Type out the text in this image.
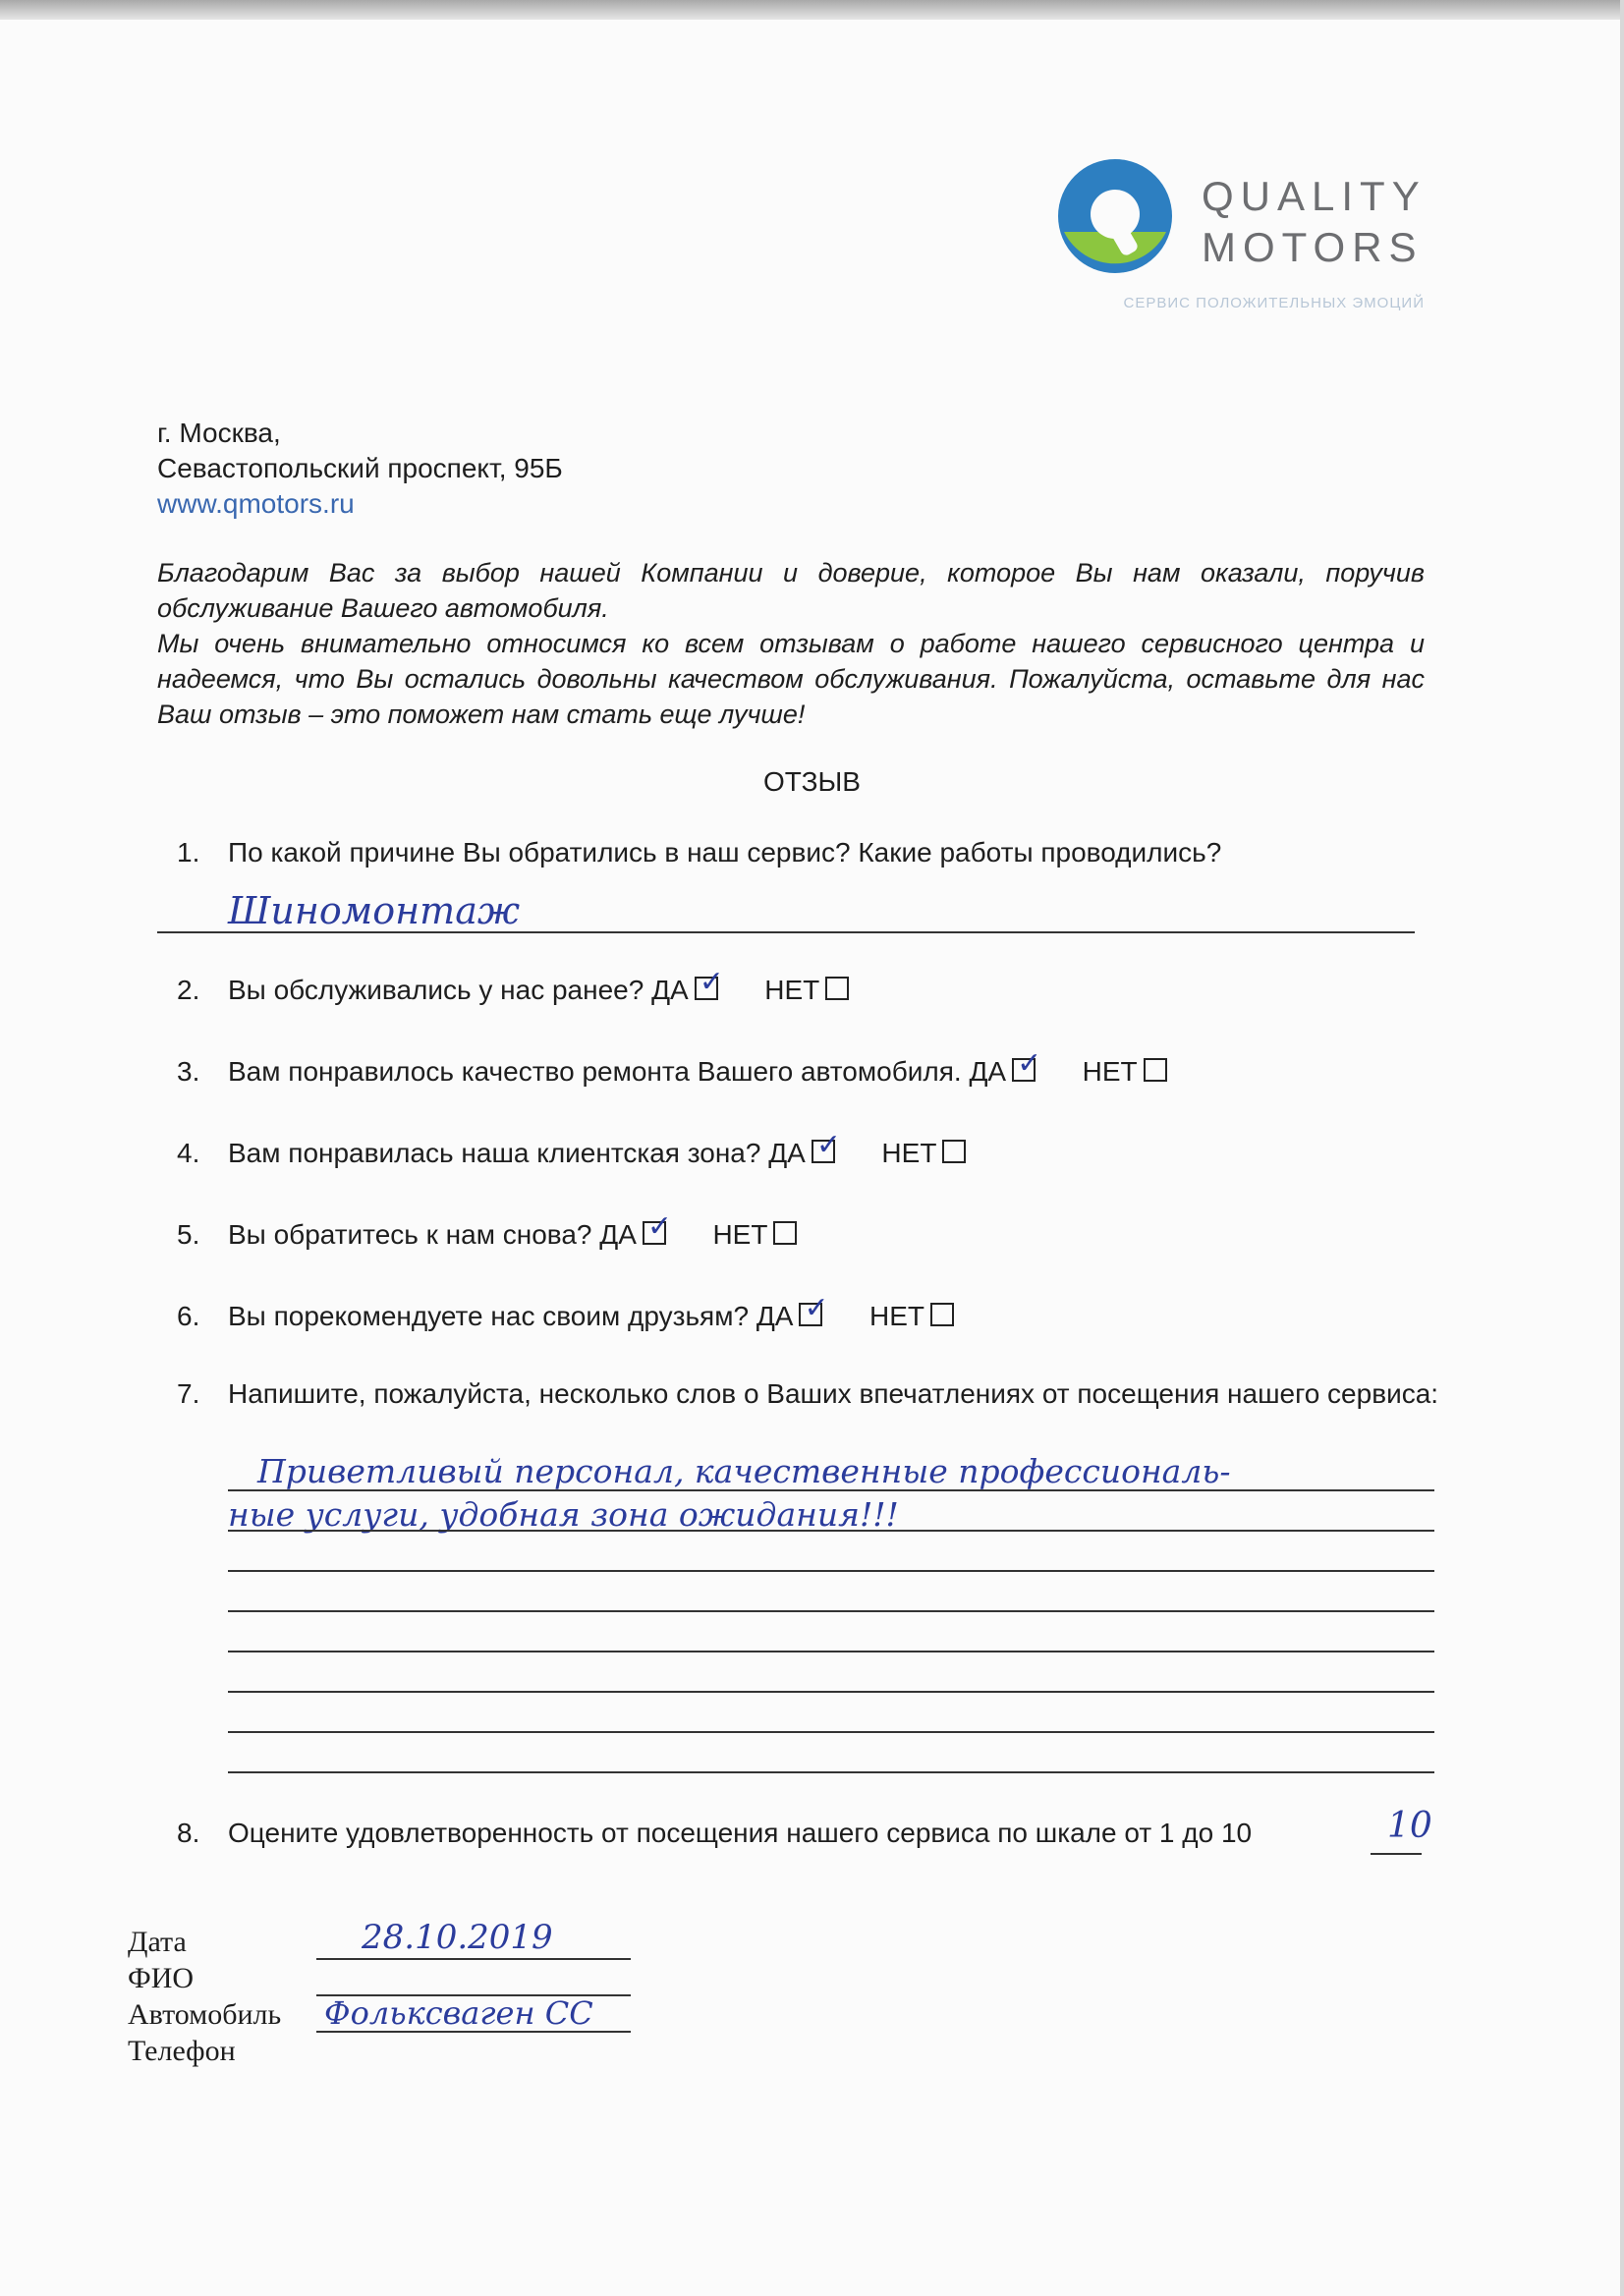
QUALITY
MOTORS
СЕРВИС ПОЛОЖИТЕЛЬНЫХ ЭМОЦИЙ
г. Москва,
Севастопольский проспект, 95Б
www.qmotors.ru

Благодарим Вас за выбор нашей Компании и доверие, которое Вы нам оказали, поручив обслуживание Вашего автомобиля.

Мы очень внимательно относимся ко всем отзывам о работе нашего сервисного центра и надеемся, что Вы остались довольны качеством обслуживания. Пожалуйста, оставьте для нас Ваш отзыв – это поможет нам стать еще лучше!

ОТЗЫВ
1. По какой причине Вы обратились в наш сервис? Какие работы проводились?
Шиномонтаж
2. Вы обслуживались у нас ранее? ДА ✓ НЕТ
3. Вам понравилось качество ремонта Вашего автомобиля. ДА ✓ НЕТ
4. Вам понравилась наша клиентская зона? ДА ✓ НЕТ
5. Вы обратитесь к нам снова? ДА ✓ НЕТ
6. Вы порекомендуете нас своим друзьям? ДА ✓ НЕТ
7. Напишите, пожалуйста, несколько слов о Ваших впечатлениях от посещения нашего сервиса:
Приветливый персонал, качественные профессиональ-
ные услуги, удобная зона ожидания!!!
8. Оцените удовлетворенность от посещения нашего сервиса по шкале от 1 до 10	10
Дата
ФИО
Автомобиль
Телефон
28.10.2019
Фольксваген СС
